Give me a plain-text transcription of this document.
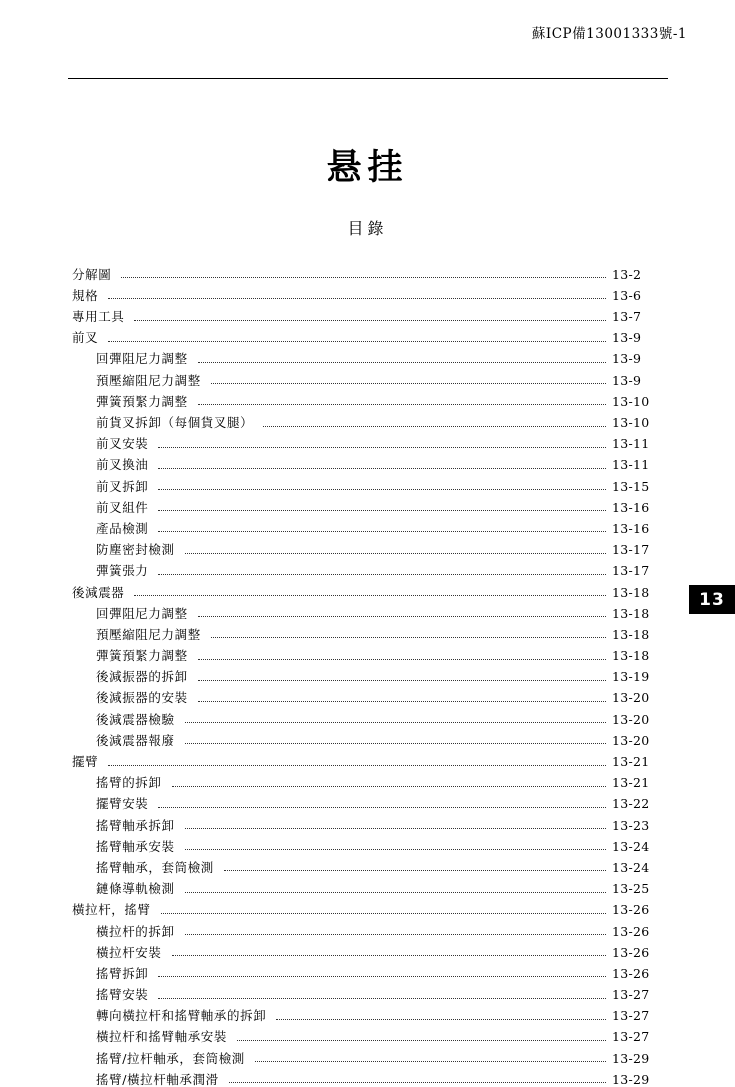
蘇ICP備13001333號-1
悬挂
目錄
分解圖	13-2
規格	13-6
專用工具	13-7
前叉	13-9
回彈阻尼力調整	13-9
預壓縮阻尼力調整	13-9
彈簧預緊力調整	13-10
前貨叉拆卸（每個貨叉腿）	13-10
前叉安裝	13-11
前叉換油	13-11
前叉拆卸	13-15
前叉組件	13-16
產品檢測	13-16
防塵密封檢測	13-17
彈簧張力	13-17
後減震器	13-18
回彈阻尼力調整	13-18
預壓縮阻尼力調整	13-18
彈簧預緊力調整	13-18
後減振器的拆卸	13-19
後減振器的安裝	13-20
後減震器檢驗	13-20
後減震器報廢	13-20
擺臂	13-21
搖臂的拆卸	13-21
擺臂安裝	13-22
搖臂軸承拆卸	13-23
搖臂軸承安裝	13-24
搖臂軸承，套筒檢測	13-24
鏈條導軌檢測	13-25
橫拉杆，搖臂	13-26
橫拉杆的拆卸	13-26
橫拉杆安裝	13-26
搖臂拆卸	13-26
搖臂安裝	13-27
轉向橫拉杆和搖臂軸承的拆卸	13-27
橫拉杆和搖臂軸承安裝	13-27
搖臂/拉杆軸承，套筒檢測	13-29
搖臂/橫拉杆軸承潤滑	13-29
13
